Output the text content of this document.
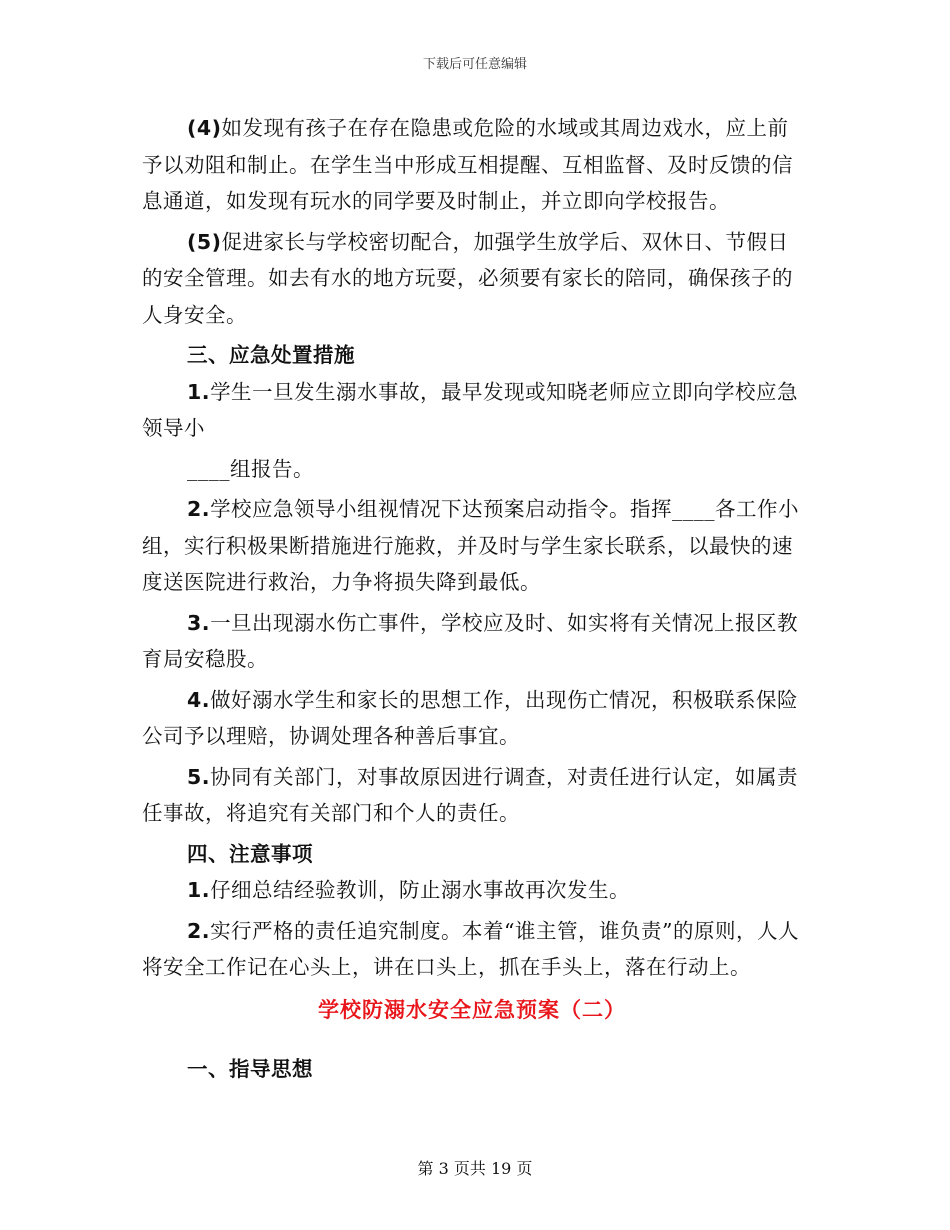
下载后可任意编辑

(4)如发现有孩子在存在隐患或危险的水域或其周边戏水，应上前予以劝阻和制止。在学生当中形成互相提醒、互相监督、及时反馈的信息通道，如发现有玩水的同学要及时制止，并立即向学校报告。

(5)促进家长与学校密切配合，加强学生放学后、双休日、节假日的安全管理。如去有水的地方玩耍，必须要有家长的陪同，确保孩子的人身安全。

三、应急处置措施

1.学生一旦发生溺水事故，最早发现或知晓老师应立即向学校应急领导小

____组报告。

2.学校应急领导小组视情况下达预案启动指令。指挥____各工作小组，实行积极果断措施进行施救，并及时与学生家长联系，以最快的速度送医院进行救治，力争将损失降到最低。

3.一旦出现溺水伤亡事件，学校应及时、如实将有关情况上报区教育局安稳股。

4.做好溺水学生和家长的思想工作，出现伤亡情况，积极联系保险公司予以理赔，协调处理各种善后事宜。

5.协同有关部门，对事故原因进行调查，对责任进行认定，如属责任事故，将追究有关部门和个人的责任。

四、注意事项

1.仔细总结经验教训，防止溺水事故再次发生。

2.实行严格的责任追究制度。本着“谁主管，谁负责”的原则，人人将安全工作记在心头上，讲在口头上，抓在手头上，落在行动上。

学校防溺水安全应急预案（二）

一、指导思想

第 3 页共 19 页
